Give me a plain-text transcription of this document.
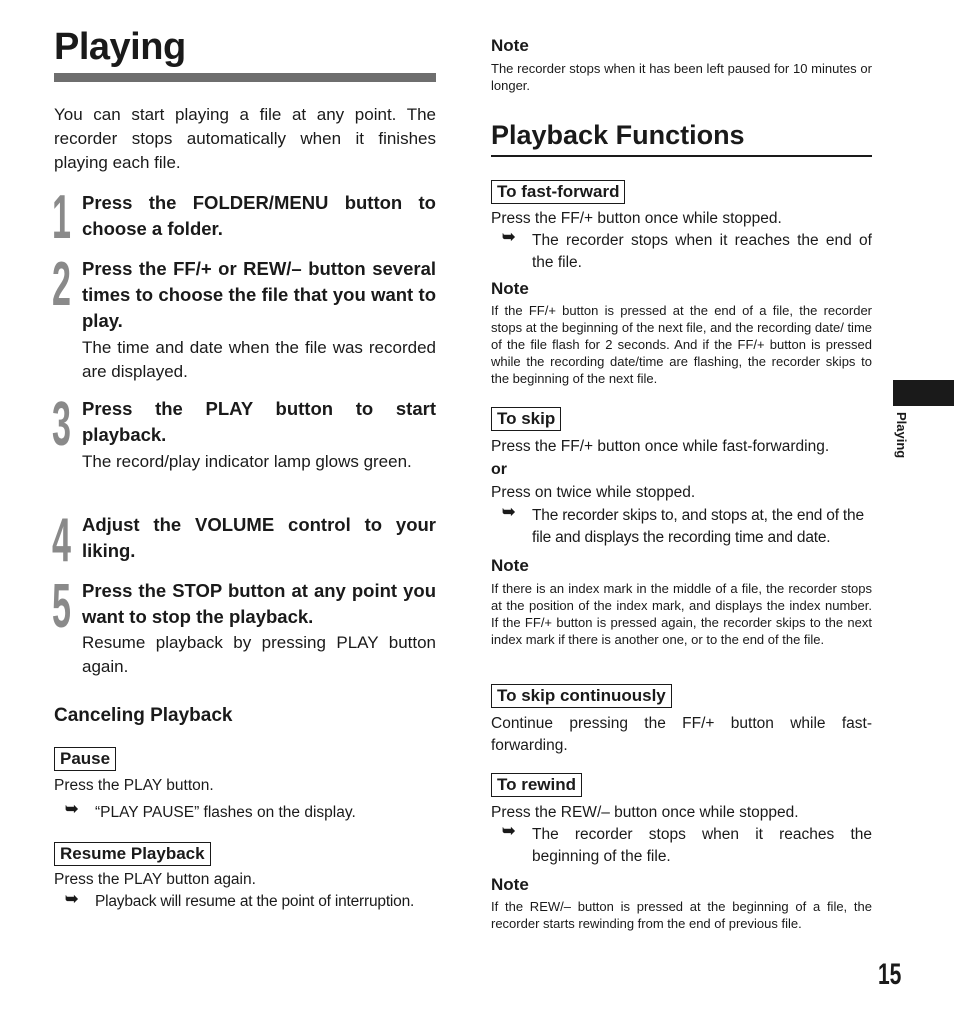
Playing
You can start playing a file at any point. The recorder stops automatically when it finishes playing each file.
1 Press the FOLDER/MENU button to choose a folder.
2 Press the FF/+ or REW/– button several times to choose the file that you want to play.
The time and date when the file was recorded are displayed.
3 Press the PLAY button to start playback.
The record/play indicator lamp glows green.
4 Adjust the VOLUME control to your liking.
5 Press the STOP button at any point you want to stop the playback.
Resume playback by pressing PLAY button again.
Canceling Playback
Pause
Press the PLAY button.
➥ “PLAY PAUSE” flashes on the display.
Resume Playback
Press the PLAY button again.
➥ Playback will resume at the point of interruption.
Note
The recorder stops when it has been left paused for 10 minutes or longer.
Playback Functions
To fast-forward
Press the FF/+ button once while stopped.
➥ The recorder stops when it reaches the end of the file.
Note
If the FF/+ button is pressed at the end of a file, the recorder stops at the beginning of the next file, and the recording date/ time of the file flash for 2 seconds. And if the FF/+ button is pressed while the recording date/time are flashing, the recorder skips to the beginning of the next file.
To skip
Press the FF/+ button once while fast-forwarding.
or
Press on twice while stopped.
➥ The recorder skips to, and stops at, the end of the file and displays the recording time and date.
Note
If there is an index mark in the middle of a file, the recorder stops at the position of the index mark, and displays the index number. If the FF/+ button is pressed again, the recorder skips to the next index mark if there is another one, or to the end of the file.
To skip continuously
Continue pressing the FF/+ button while fast-forwarding.
To rewind
Press the REW/– button once while stopped.
➥ The recorder stops when it reaches the beginning of the file.
Note
If the REW/– button is pressed at the beginning of a file, the recorder starts rewinding from the end of previous file.
Playing
15
